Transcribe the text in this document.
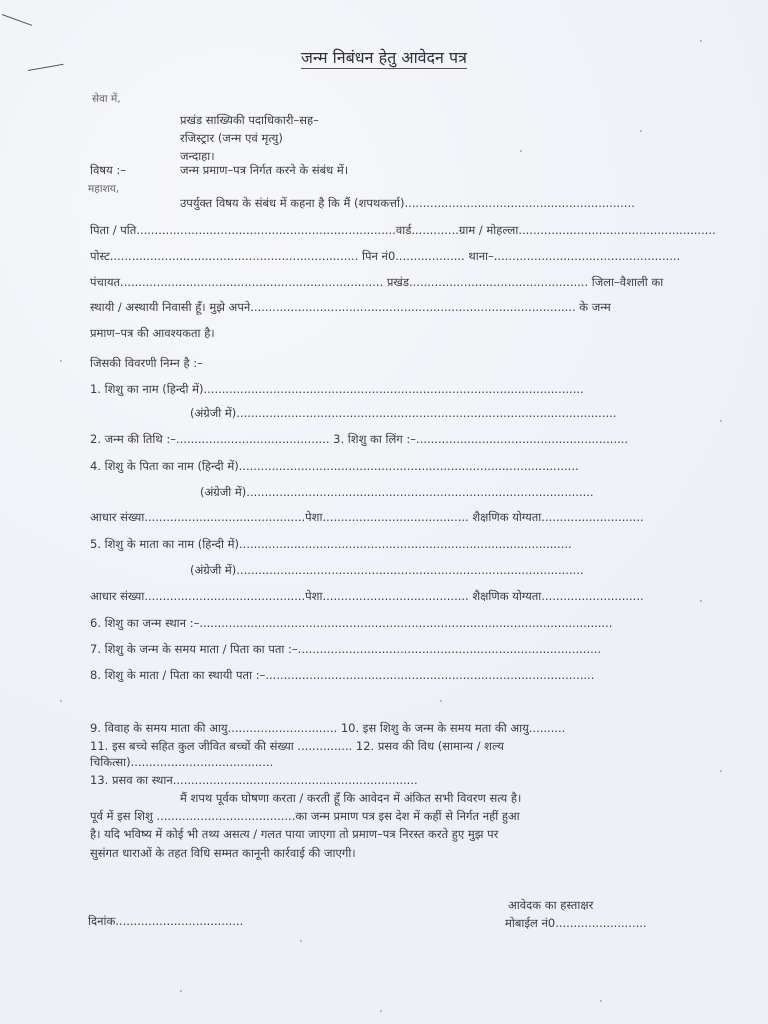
जन्म निबंधन हेतु आवेदन पत्र
सेवा में,
प्रखंड साख्यिकी पदाधिकारी–सह–
रजिस्ट्रार (जन्म एवं मृत्यु)
जन्दाहा।
विषय :–	जन्म प्रमाण–पत्र निर्गत करने के संबंध में।
महाशय,
उपर्युक्त विषय के संबंध में कहना है कि मैं (शपथकर्त्ता)...............................................................
पिता / पति.......................................................................वार्ड.............ग्राम / मोहल्ला......................................................
पोस्ट.................................................................... पिन नं0................... थाना–...................................................
पंचायत........................................................................ प्रखंड................................................. जिला–वैशाली का
स्थायी / अस्थायी निवासी हूँ। मुझे अपने......................................................................................... के जन्म
प्रमाण–पत्र की आवश्यकता है।
जिसकी विवरणी निम्न है :–
1. शिशु का नाम (हिन्दी में)........................................................................................................
(अंग्रेजी में)........................................................................................................
2. जन्म की तिथि :–.......................................... 3. शिशु का लिंग :–..........................................................
4. शिशु के पिता का नाम (हिन्दी में).............................................................................................
(अंग्रेजी में)...............................................................................................
आधार संख्या............................................पेशा........................................ शैक्षणिक योग्यता............................
5. शिशु के माता का नाम (हिन्दी में)...........................................................................................
(अंग्रेजी में)...............................................................................................
आधार संख्या............................................पेशा........................................ शैक्षणिक योग्यता............................
6. शिशु का जन्म स्थान :–.................................................................................................................
7. शिशु के जन्म के समय माता / पिता का पता :–...................................................................................
8. शिशु के माता / पिता का स्थायी पता :–..........................................................................................
9. विवाह के समय माता की आयु.............................. 10. इस शिशु के जन्म के समय मता की आयु..........
11. इस बच्चे सहित कुल जीवित बच्चों की संख्या ............... 12. प्रसव की विध (सामान्य / शल्य
चिकित्सा).......................................
13. प्रसव का स्थान...................................................................
मैं शपथ पूर्वक घोषणा करता / करती हूँ कि आवेदन में अंकित सभी विवरण सत्य है।
पूर्व में इस शिशु ......................................का जन्म प्रमाण पत्र इस देश में कहीं से निर्गत नहीं हुआ
है। यदि भविष्य में कोई भी तथ्य असत्य / गलत पाया जाएगा तो प्रमाण–पत्र निरस्त करते हुए मुझ पर
सुसंगत धाराओं के तहत विधि सम्मत कानूनी कार्रवाई की जाएगी।
आवेदक का हस्ताक्षर
मोबाईल नं0.........................
दिनांक...................................
